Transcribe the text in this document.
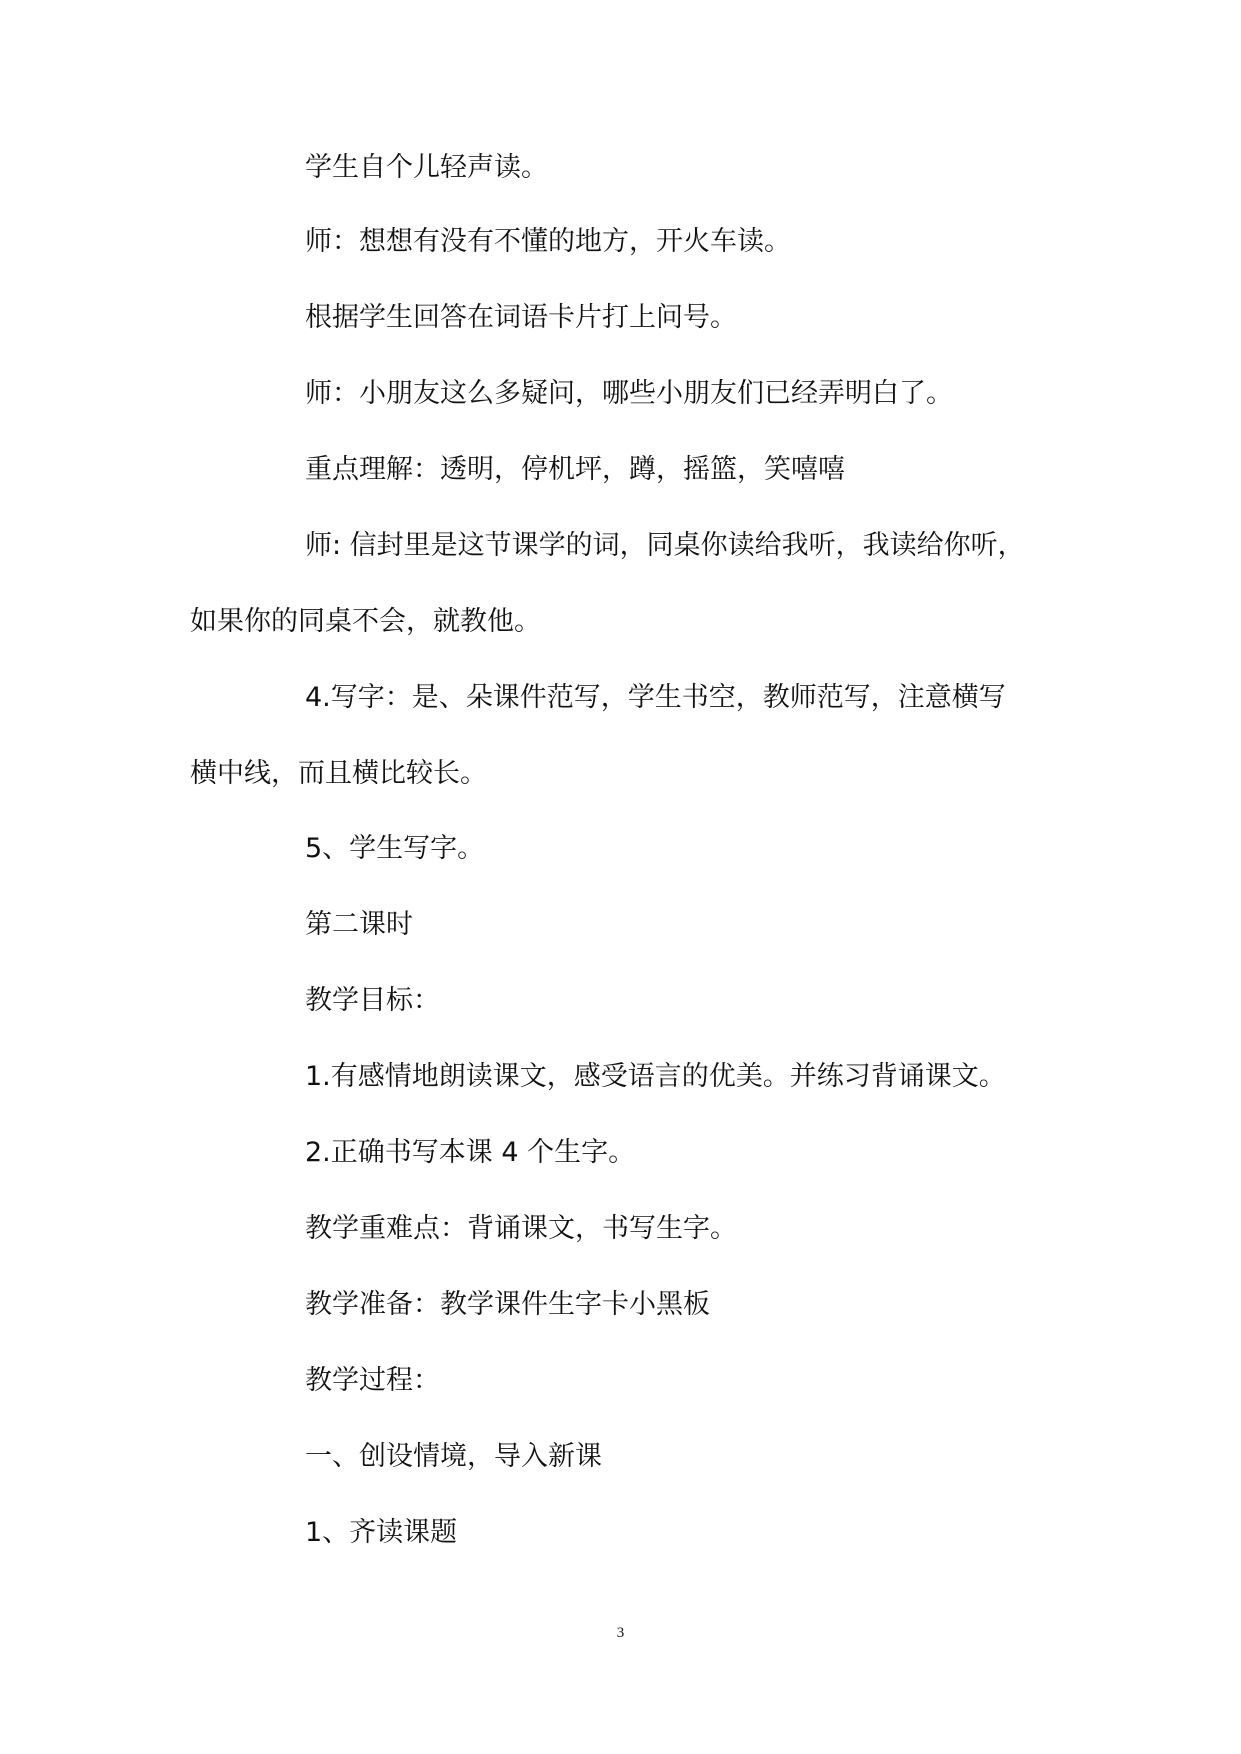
学生自个儿轻声读。
师：想想有没有不懂的地方，开火车读。
根据学生回答在词语卡片打上问号。
师：小朋友这么多疑问，哪些小朋友们已经弄明白了。
重点理解：透明，停机坪，蹲，摇篮，笑嘻嘻
师: 信封里是这节课学的词，同桌你读给我听，我读给你听，
如果你的同桌不会，就教他。
4.写字：是、朵课件范写，学生书空，教师范写，注意横写
横中线，而且横比较长。
5、学生写字。
第二课时
教学目标：
1.有感情地朗读课文，感受语言的优美。并练习背诵课文。
2.正确书写本课 4 个生字。
教学重难点：背诵课文，书写生字。
教学准备：教学课件生字卡小黑板
教学过程：
一、创设情境，导入新课
1、齐读课题
3
